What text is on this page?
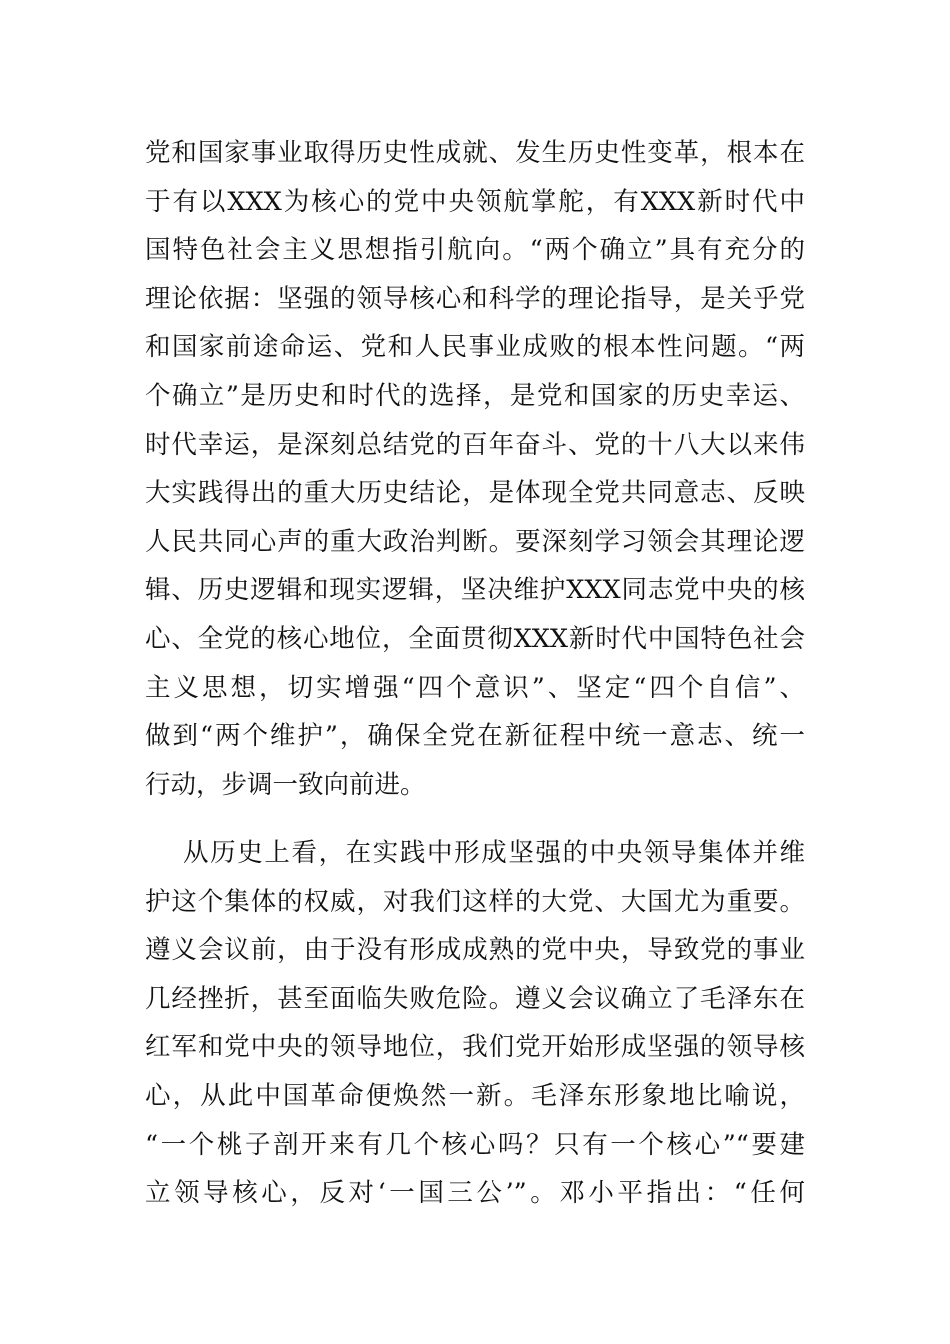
党和国家事业取得历史性成就、发生历史性变革，根本在
于有以XXX为核心的党中央领航掌舵，有XXX新时代中
国特色社会主义思想指引航向。“两个确立”具有充分的
理论依据：坚强的领导核心和科学的理论指导，是关乎党
和国家前途命运、党和人民事业成败的根本性问题。“两
个确立”是历史和时代的选择，是党和国家的历史幸运、
时代幸运，是深刻总结党的百年奋斗、党的十八大以来伟
大实践得出的重大历史结论，是体现全党共同意志、反映
人民共同心声的重大政治判断。要深刻学习领会其理论逻
辑、历史逻辑和现实逻辑，坚决维护XXX同志党中央的核
心、全党的核心地位，全面贯彻XXX新时代中国特色社会
主义思想，切实增强“四个意识”、坚定“四个自信”、
做到“两个维护”，确保全党在新征程中统一意志、统一
行动，步调一致向前进。
从历史上看，在实践中形成坚强的中央领导集体并维
护这个集体的权威，对我们这样的大党、大国尤为重要。
遵义会议前，由于没有形成成熟的党中央，导致党的事业
几经挫折，甚至面临失败危险。遵义会议确立了毛泽东在
红军和党中央的领导地位，我们党开始形成坚强的领导核
心，从此中国革命便焕然一新。毛泽东形象地比喻说，
“一个桃子剖开来有几个核心吗？只有一个核心”“要建
立领导核心，反对‘一国三公’”。邓小平指出：“任何
